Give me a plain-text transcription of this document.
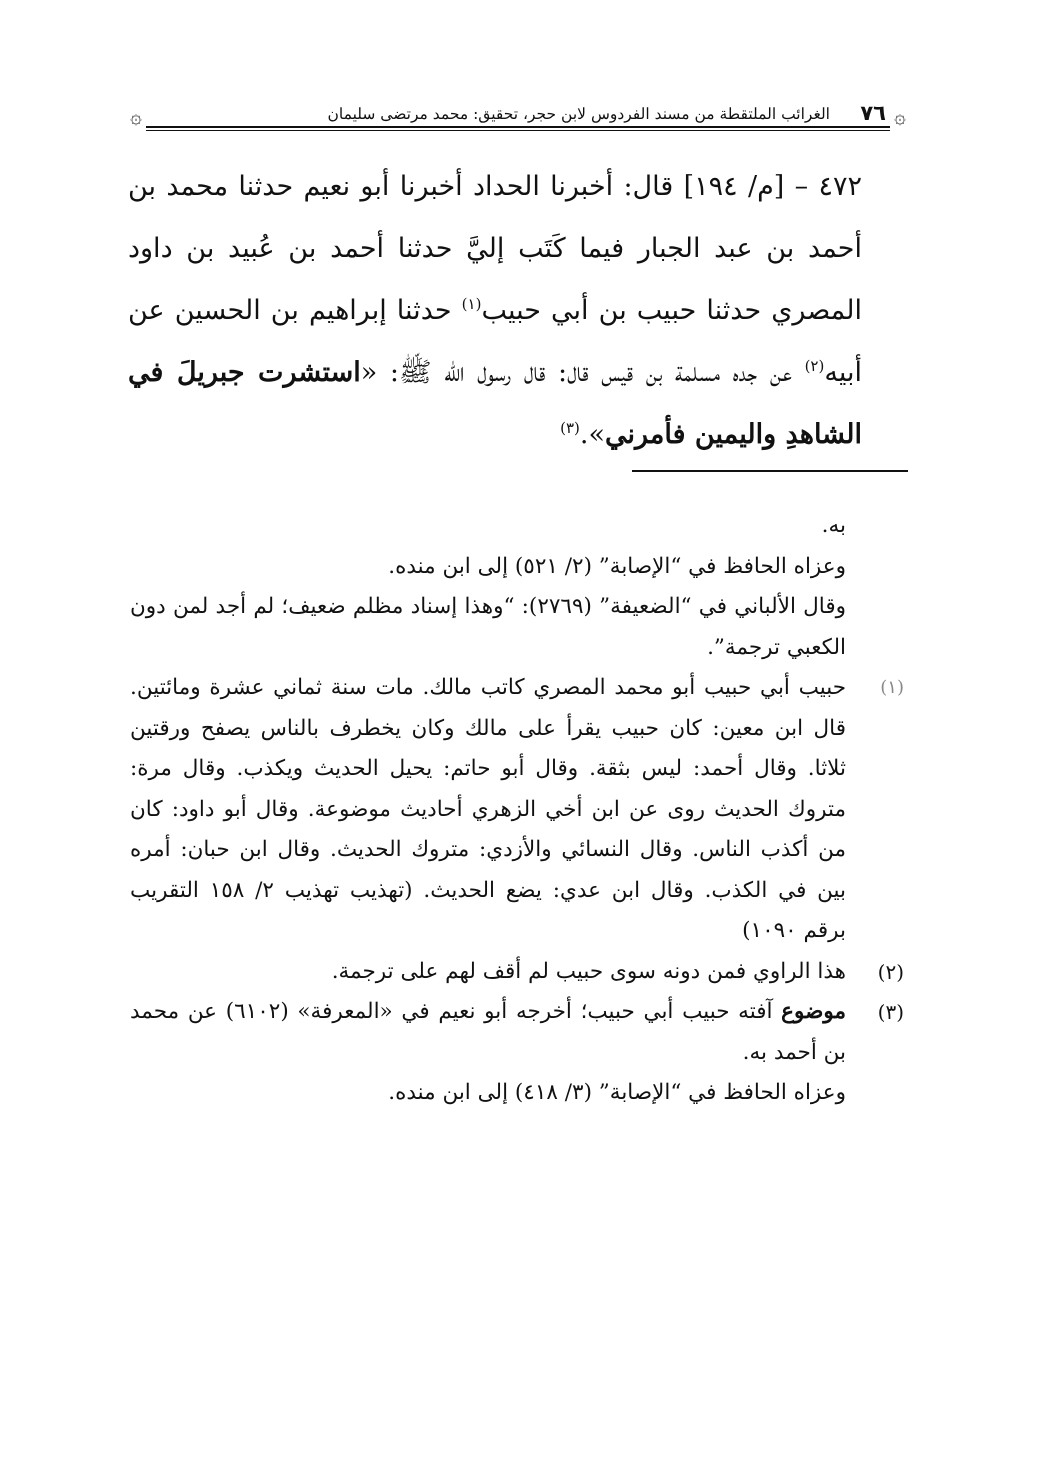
۞
٧٦
الغرائب الملتقطة من مسند الفردوس لابن حجر، تحقيق: محمد مرتضى سليمان
۞

٤٧٢ – [م/ ١٩٤] قال: أخبرنا الحداد أخبرنا أبو نعيم حدثنا محمد بن أحمد بن عبد الجبار فيما كَتَب إليَّ حدثنا أحمد بن عُبيد بن داود المصري حدثنا حبيب بن أبي حبيب$^{(١)}$ حدثنا إبراهيم بن الحسين عن أبيه$^{(٢)}$ عن جده مسلمة بن قيس قال: قال رسول الله ﷺ: «استشرت جبريلَ في الشاهدِ واليمين فأمرني».$^{(٣)}$

به.

وعزاه الحافظ في “الإصابة” (٢/ ٥٢١) إلى ابن منده.

وقال الألباني في “الضعيفة” (٢٧٦٩): “وهذا إسناد مظلم ضعيف؛ لم أجد لمن دون الكعبي ترجمة”.

(١)
حبيب أبي حبيب أبو محمد المصري كاتب مالك. مات سنة ثماني عشرة ومائتين. قال ابن معين: كان حبيب يقرأ على مالك وكان يخطرف بالناس يصفح ورقتين ثلاثا. وقال أحمد: ليس بثقة. وقال أبو حاتم: يحيل الحديث ويكذب. وقال مرة: متروك الحديث روى عن ابن أخي الزهري أحاديث موضوعة. وقال أبو داود: كان من أكذب الناس. وقال النسائي والأزدي: متروك الحديث. وقال ابن حبان: أمره بين في الكذب. وقال ابن عدي: يضع الحديث. (تهذيب تهذيب ٢/ ١٥٨ التقريب برقم ١٠٩٠)

(٢)
هذا الراوي فمن دونه سوى حبيب لم أقف لهم على ترجمة.

(٣)
موضوع آفته حبيب أبي حبيب؛ أخرجه أبو نعيم في «المعرفة» (٦١٠٢) عن محمد بن أحمد به.

وعزاه الحافظ في “الإصابة” (٣/ ٤١٨) إلى ابن منده.
